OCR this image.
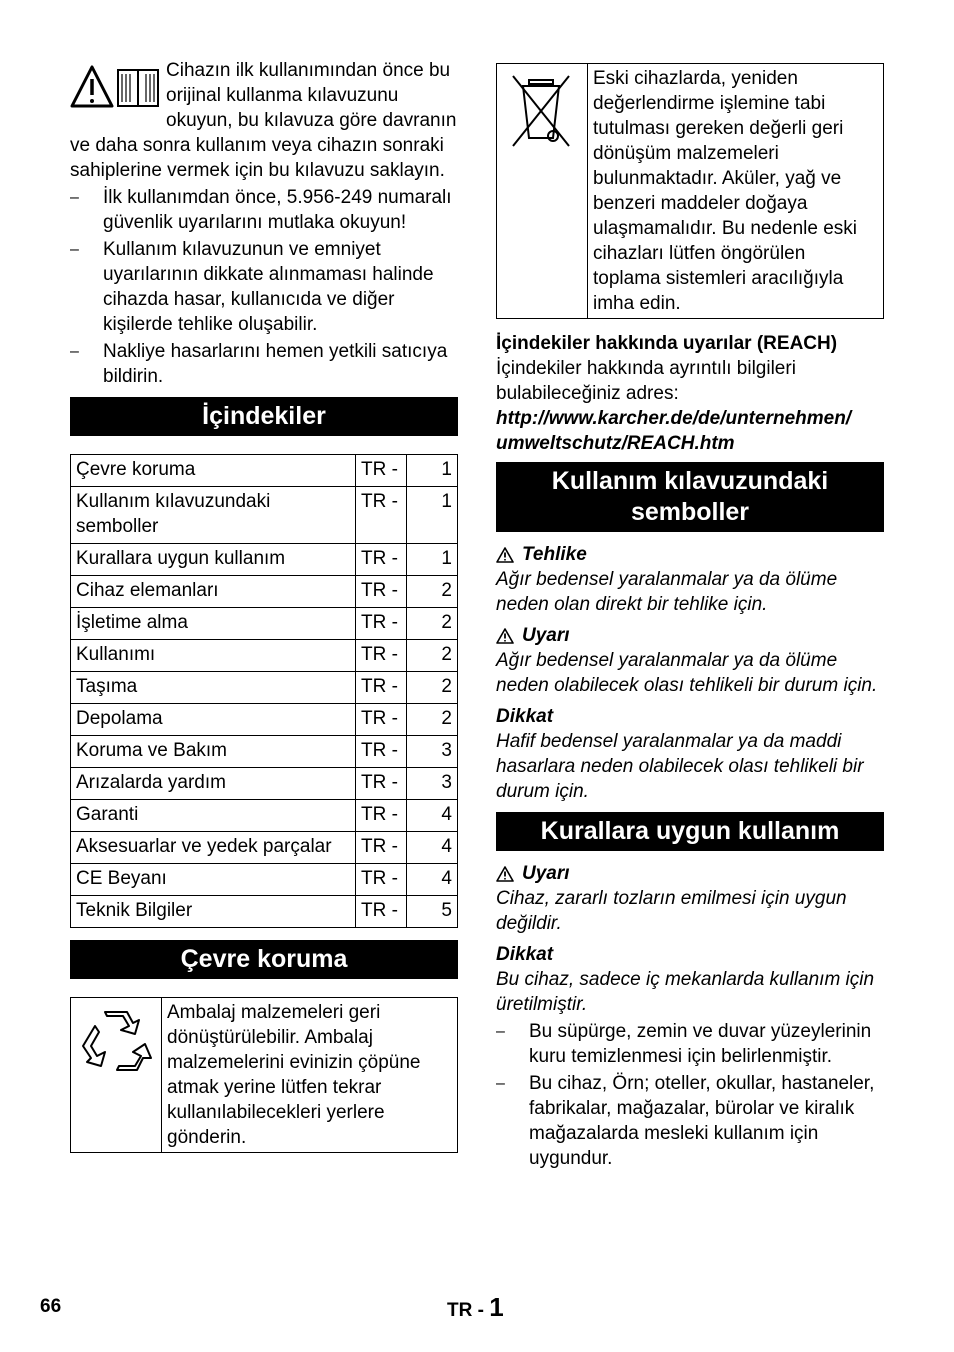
Cihazın ilk kullanımından önce bu orijinal kullanma kılavuzunu okuyun, bu kılavuza göre davranın ve daha sonra kullanım veya cihazın sonraki sahiplerine vermek için bu kılavuzu saklayın.

– İlk kullanımdan önce, 5.956-249 numaralı güvenlik uyarılarını mutlaka okuyun!
– Kullanım kılavuzunun ve emniyet uyarılarının dikkate alınmaması halinde cihazda hasar, kullanıcıda ve diğer kişilerde tehlike oluşabilir.
– Nakliye hasarlarını hemen yetkili satıcıya bildirin.
İçindekiler
Çevre koruma	TR -	1
Kullanım kılavuzundaki semboller	TR -	1
Kurallara uygun kullanım	TR -	1
Cihaz elemanları	TR -	2
İşletime alma	TR -	2
Kullanımı	TR -	2
Taşıma	TR -	2
Depolama	TR -	2
Koruma ve Bakım	TR -	3
Arızalarda yardım	TR -	3
Garanti	TR -	4
Aksesuarlar ve yedek parçalar	TR -	4
CE Beyanı	TR -	4
Teknik Bilgiler	TR -	5
Çevre koruma
	Ambalaj malzemeleri geri dönüştürülebilir. Ambalaj malzemelerini evinizin çöpüne atmak yerine lütfen tekrar kullanılabilecekleri yerlere gönderin.
	Eski cihazlarda, yeniden değerlendirme işlemine tabi tutulması gereken değerli geri dönüşüm malzemeleri bulunmaktadır. Aküler, yağ ve benzeri maddeler doğaya ulaşmamalıdır. Bu nedenle eski cihazları lütfen öngörülen toplama sistemleri aracılığıyla imha edin.

İçindekiler hakkında uyarılar (REACH)

İçindekiler hakkında ayrıntılı bilgileri bulabileceğiniz adres:

http://www.karcher.de/de/unternehmen/

umweltschutz/REACH.htm

Kullanım kılavuzundaki semboller
Tehlike

Ağır bedensel yaralanmalar ya da ölüme neden olan direkt bir tehlike için.

Uyarı

Ağır bedensel yaralanmalar ya da ölüme neden olabilecek olası tehlikeli bir durum için.

Dikkat

Hafif bedensel yaralanmalar ya da maddi hasarlara neden olabilecek olası tehlikeli bir durum için.

Kurallara uygun kullanım
Uyarı

Cihaz, zararlı tozların emilmesi için uygun değildir.

Dikkat

Bu cihaz, sadece iç mekanlarda kullanım için üretilmiştir.

– Bu süpürge, zemin ve duvar yüzeylerinin kuru temizlenmesi için belirlenmiştir.
– Bu cihaz, Örn; oteller, okullar, hastaneler, fabrikalar, mağazalar, bürolar ve kiralık mağazalarda mesleki kullanım için uygundur.
66	TR - 1
